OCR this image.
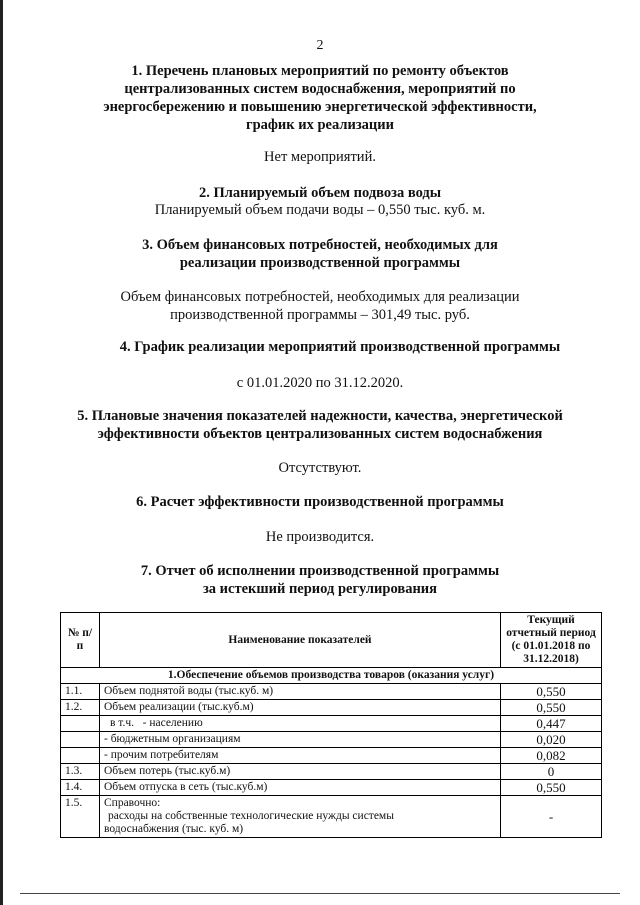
2
1. Перечень плановых мероприятий по ремонту объектов
централизованных систем водоснабжения, мероприятий по
энергосбережению и повышению энергетической эффективности,
график их реализации
Нет мероприятий.
2. Планируемый объем подвоза воды
Планируемый объем подачи воды – 0,550 тыс. куб. м.
3. Объем финансовых потребностей, необходимых для
реализации производственной программы
Объем финансовых потребностей, необходимых для реализации
производственной программы – 301,49 тыс. руб.
4. График реализации мероприятий производственной программы
с 01.01.2020 по 31.12.2020.
5. Плановые значения показателей надежности, качества, энергетической
эффективности объектов централизованных систем водоснабжения
Отсутствуют.
6. Расчет эффективности производственной программы
Не производится.
7. Отчет об исполнении производственной программы
за истекший период регулирования
№ п/п	Наименование показателей	Текущий
отчетный период
(с 01.01.2018 по
31.12.2018)

1.Обеспечение объемов производства товаров (оказания услуг)		
1.1.	Объем поднятой воды (тыс.куб. м)	0,550
1.2.	Объем реализации (тыс.куб.м)	0,550
	в т.ч. - населению	0,447
	- бюджетным организациям	0,020
	- прочим потребителям	0,082
1.3.	Объем потерь (тыс.куб.м)	0
1.4.	Объем отпуска в сеть (тыс.куб.м)	0,550
1.5.	Справочно:
расходы на собственные технологические нужды системы
водоснабжения (тыс. куб. м)	-
